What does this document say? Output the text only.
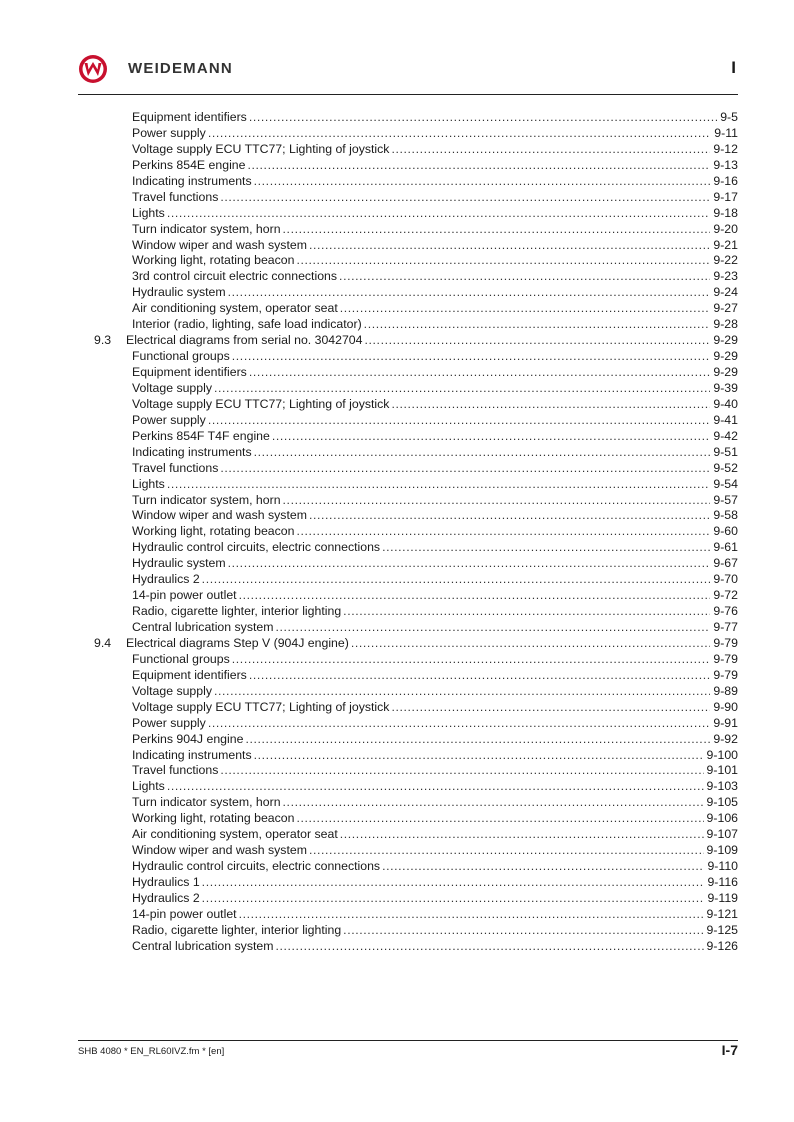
WEIDEMANN	I
Equipment identifiers .....	9-5
Power supply .....	9-11
Voltage supply ECU TTC77; Lighting of joystick .....	9-12
Perkins 854E engine .....	9-13
Indicating instruments .....	9-16
Travel functions .....	9-17
Lights .....	9-18
Turn indicator system, horn .....	9-20
Window wiper and wash system .....	9-21
Working light, rotating beacon .....	9-22
3rd control circuit electric connections .....	9-23
Hydraulic system .....	9-24
Air conditioning system, operator seat .....	9-27
Interior (radio, lighting, safe load indicator) .....	9-28
9.3	Electrical diagrams from serial no. 3042704 .....	9-29
Functional groups .....	9-29
Equipment identifiers .....	9-29
Voltage supply .....	9-39
Voltage supply ECU TTC77; Lighting of joystick .....	9-40
Power supply .....	9-41
Perkins 854F T4F engine .....	9-42
Indicating instruments .....	9-51
Travel functions .....	9-52
Lights .....	9-54
Turn indicator system, horn .....	9-57
Window wiper and wash system .....	9-58
Working light, rotating beacon .....	9-60
Hydraulic control circuits, electric connections .....	9-61
Hydraulic system .....	9-67
Hydraulics 2 .....	9-70
14-pin power outlet .....	9-72
Radio, cigarette lighter, interior lighting .....	9-76
Central lubrication system .....	9-77
9.4	Electrical diagrams Step V (904J engine) .....	9-79
Functional groups .....	9-79
Equipment identifiers .....	9-79
Voltage supply .....	9-89
Voltage supply ECU TTC77; Lighting of joystick .....	9-90
Power supply .....	9-91
Perkins 904J engine .....	9-92
Indicating instruments .....	9-100
Travel functions .....	9-101
Lights .....	9-103
Turn indicator system, horn .....	9-105
Working light, rotating beacon .....	9-106
Air conditioning system, operator seat .....	9-107
Window wiper and wash system .....	9-109
Hydraulic control circuits, electric connections .....	9-110
Hydraulics 1 .....	9-116
Hydraulics 2 .....	9-119
14-pin power outlet .....	9-121
Radio, cigarette lighter, interior lighting .....	9-125
Central lubrication system .....	9-126
SHB 4080 * EN_RL60IVZ.fm * [en]	I-7
